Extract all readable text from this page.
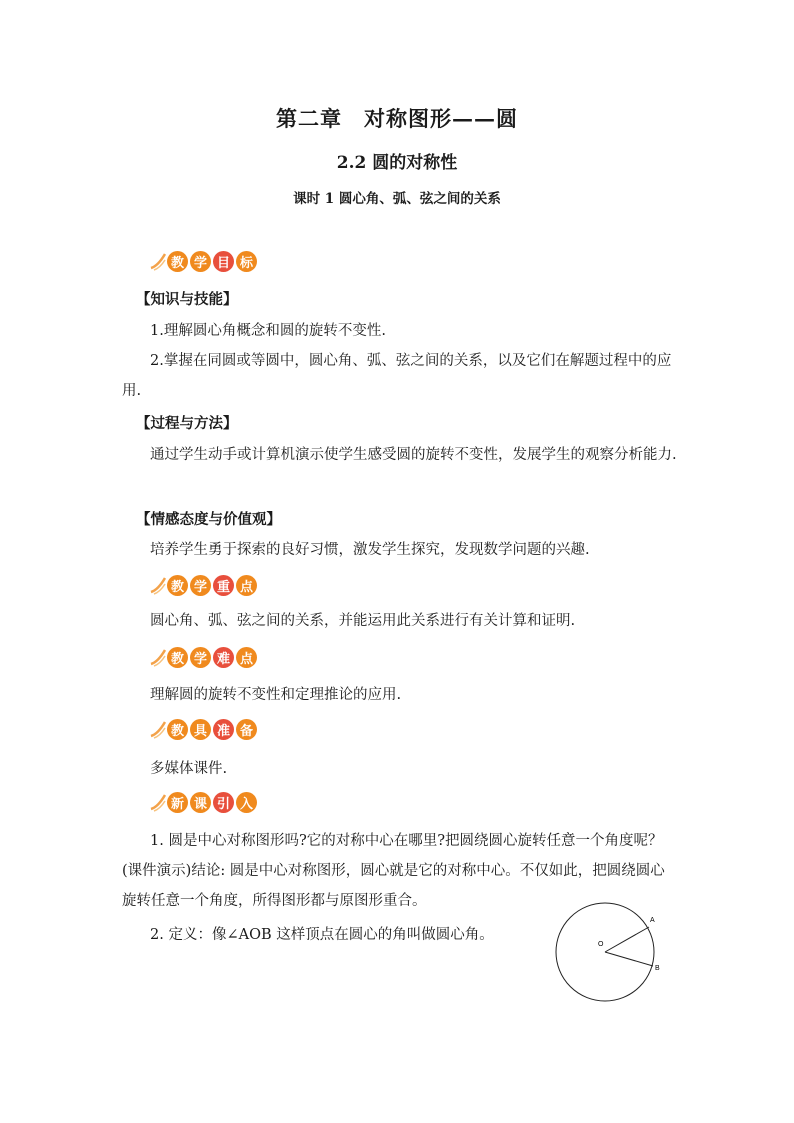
第二章　对称图形——圆
2.2 圆的对称性
课时 1 圆心角、弧、弦之间的关系
教 学 目 标
【知识与技能】
1.理解圆心角概念和圆的旋转不变性.
2.掌握在同圆或等圆中，圆心角、弧、弦之间的关系，以及它们在解题过程中的应用.
【过程与方法】
通过学生动手或计算机演示使学生感受圆的旋转不变性，发展学生的观察分析能力.
【情感态度与价值观】
培养学生勇于探索的良好习惯，激发学生探究，发现数学问题的兴趣.
教 学 重 点
圆心角、弧、弦之间的关系，并能运用此关系进行有关计算和证明.
教 学 难 点
理解圆的旋转不变性和定理推论的应用.
教 具 准 备
多媒体课件.
新 课 引 入
1. 圆是中心对称图形吗?它的对称中心在哪里?把圆绕圆心旋转任意一个角度呢？(课件演示)结论: 圆是中心对称图形，圆心就是它的对称中心。不仅如此，把圆绕圆心旋转任意一个角度，所得图形都与原图形重合。
2. 定义：像∠AOB 这样顶点在圆心的角叫做圆心角。
O
A
B
